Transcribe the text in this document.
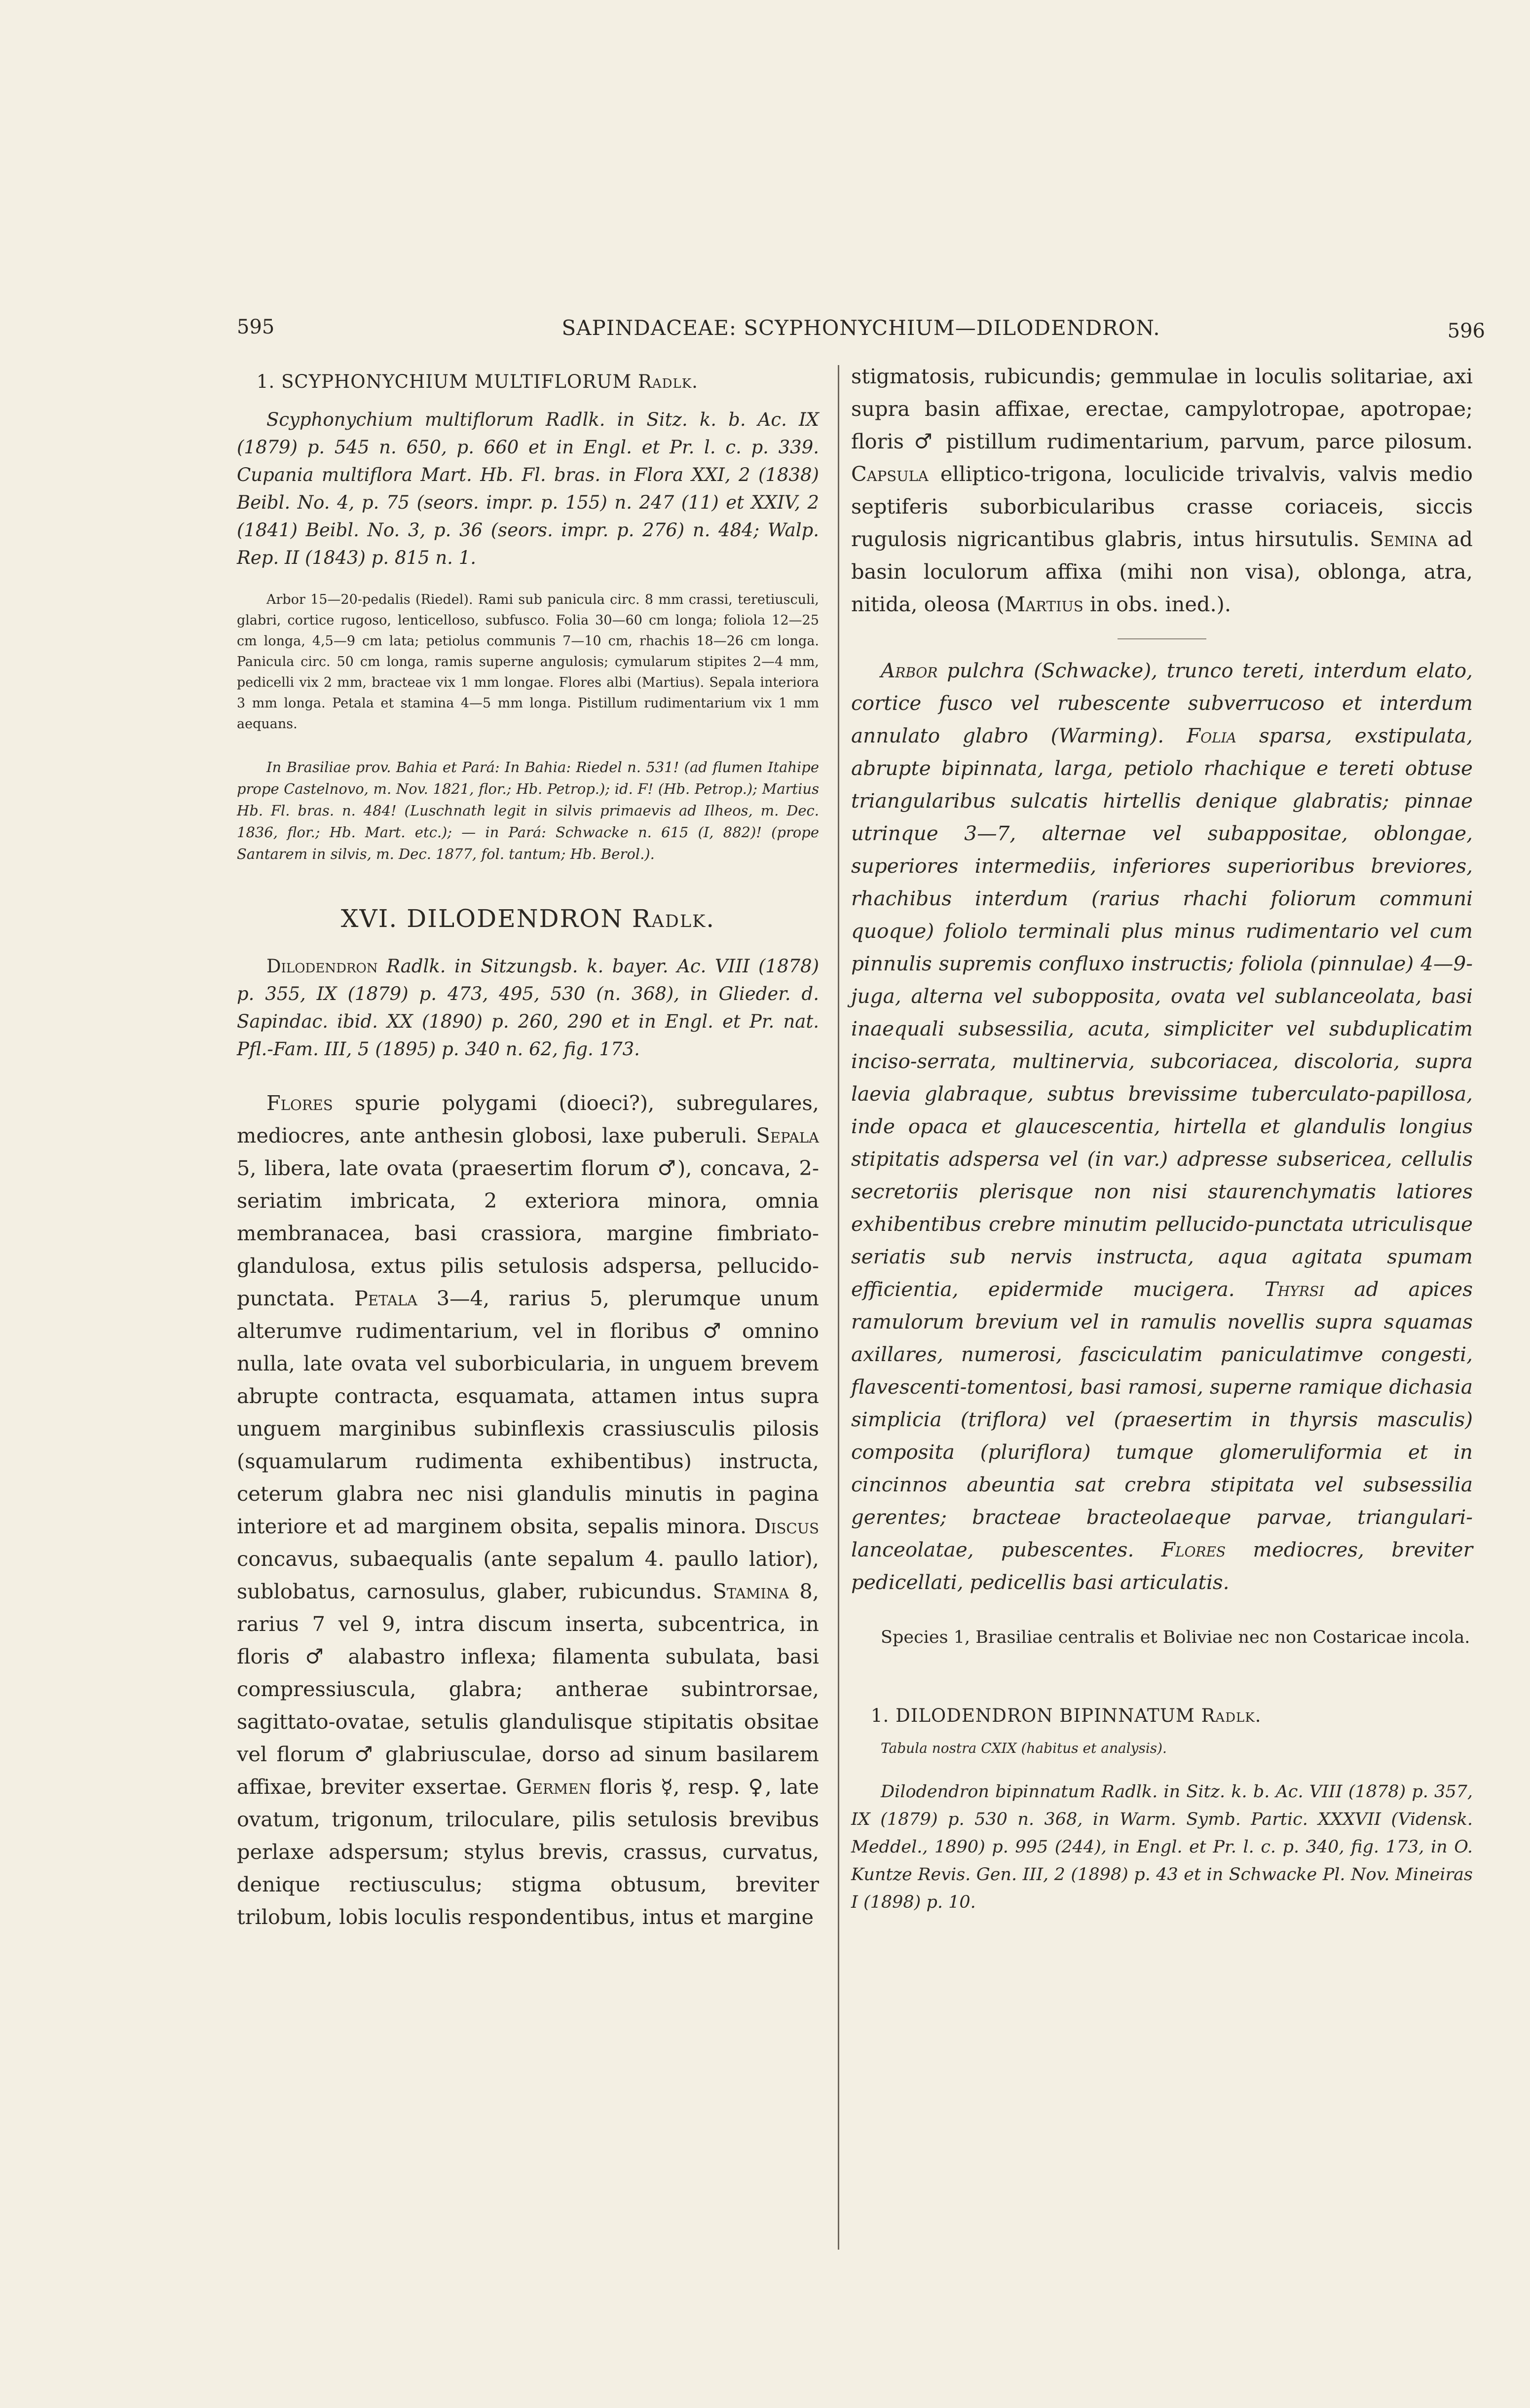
595	SAPINDACEAE: SCYPHONYCHIUM—DILODENDRON.	596
1. SCYPHONYCHIUM MULTIFLORUM Radlk.

Scyphonychium multiflorum Radlk. in Sitz. k. b. Ac. IX (1879) p. 545 n. 650, p. 660 et in Engl. et Pr. l. c. p. 339. Cupania multiflora Mart. Hb. Fl. bras. in Flora XXI, 2 (1838) Beibl. No. 4, p. 75 (seors. impr. p. 155) n. 247 (11) et XXIV, 2 (1841) Beibl. No. 3, p. 36 (seors. impr. p. 276) n. 484; Walp. Rep. II (1843) p. 815 n. 1.

Arbor 15—20-pedalis (Riedel). Rami sub panicula circ. 8 mm crassi, teretiusculi, glabri, cortice rugoso, lenticelloso, subfusco. Folia 30—60 cm longa; foliola 12—25 cm longa, 4,5—9 cm lata; petiolus communis 7—10 cm, rhachis 18—26 cm longa. Panicula circ. 50 cm longa, ramis superne angulosis; cymularum stipites 2—4 mm, pedicelli vix 2 mm, bracteae vix 1 mm longae. Flores albi (Martius). Sepala interiora 3 mm longa. Petala et stamina 4—5 mm longa. Pistillum rudimentarium vix 1 mm aequans.

In Brasiliae prov. Bahia et Pará: In Bahia: Riedel n. 531! (ad flumen Itahipe prope Castelnovo, m. Nov. 1821, flor.; Hb. Petrop.); id. F! (Hb. Petrop.); Martius Hb. Fl. bras. n. 484! (Luschnath legit in silvis primaevis ad Ilheos, m. Dec. 1836, flor.; Hb. Mart. etc.); — in Pará: Schwacke n. 615 (I, 882)! (prope Santarem in silvis, m. Dec. 1877, fol. tantum; Hb. Berol.).

XVI. DILODENDRON Radlk.

Dilodendron Radlk. in Sitzungsb. k. bayer. Ac. VIII (1878) p. 355, IX (1879) p. 473, 495, 530 (n. 368), in Glieder. d. Sapindac. ibid. XX (1890) p. 260, 290 et in Engl. et Pr. nat. Pfl.-Fam. III, 5 (1895) p. 340 n. 62, fig. 173.

Flores spurie polygami (dioeci?), subregulares, mediocres, ante anthesin globosi, laxe puberuli. Sepala 5, libera, late ovata (praesertim florum ♂), concava, 2-seriatim imbricata, 2 exteriora minora, omnia membranacea, basi crassiora, margine fimbriato-glandulosa, extus pilis setulosis adspersa, pellucido-punctata. Petala 3—4, rarius 5, plerumque unum alterumve rudimentarium, vel in floribus ♂ omnino nulla, late ovata vel suborbicularia, in unguem brevem abrupte contracta, esquamata, attamen intus supra unguem marginibus subinflexis crassiusculis pilosis (squamularum rudimenta exhibentibus) instructa, ceterum glabra nec nisi glandulis minutis in pagina interiore et ad marginem obsita, sepalis minora. Discus concavus, subaequalis (ante sepalum 4. paullo latior), sublobatus, carnosulus, glaber, rubicundus. Stamina 8, rarius 7 vel 9, intra discum inserta, subcentrica, in floris ♂ alabastro inflexa; filamenta subulata, basi compressiuscula, glabra; antherae subintrorsae, sagittato-ovatae, setulis glandulisque stipitatis obsitae vel florum ♂ glabriusculae, dorso ad sinum basilarem affixae, breviter exsertae. Germen floris ☿, resp. ♀, late ovatum, trigonum, triloculare, pilis setulosis brevibus perlaxe adspersum; stylus brevis, crassus, curvatus, denique rectiusculus; stigma obtusum, breviter trilobum, lobis loculis respondentibus, intus et margine

stigmatosis, rubicundis; gemmulae in loculis solitariae, axi supra basin affixae, erectae, campylotropae, apotropae; floris ♂ pistillum rudimentarium, parvum, parce pilosum. Capsula elliptico-trigona, loculicide trivalvis, valvis medio septiferis suborbicularibus crasse coriaceis, siccis rugulosis nigricantibus glabris, intus hirsutulis. Semina ad basin loculorum affixa (mihi non visa), oblonga, atra, nitida, oleosa (Martius in obs. ined.).

Arbor pulchra (Schwacke), trunco tereti, interdum elato, cortice fusco vel rubescente subverrucoso et interdum annulato glabro (Warming). Folia sparsa, exstipulata, abrupte bipinnata, larga, petiolo rhachique e tereti obtuse triangularibus sulcatis hirtellis denique glabratis; pinnae utrinque 3—7, alternae vel subappositae, oblongae, superiores intermediis, inferiores superioribus breviores, rhachibus interdum (rarius rhachi foliorum communi quoque) foliolo terminali plus minus rudimentario vel cum pinnulis supremis confluxo instructis; foliola (pinnulae) 4—9-juga, alterna vel subopposita, ovata vel sublanceolata, basi inaequali subsessilia, acuta, simpliciter vel subduplicatim inciso-serrata, multinervia, subcoriacea, discoloria, supra laevia glabraque, subtus brevissime tuberculato-papillosa, inde opaca et glaucescentia, hirtella et glandulis longius stipitatis adspersa vel (in var.) adpresse subsericea, cellulis secretoriis plerisque non nisi staurenchymatis latiores exhibentibus crebre minutim pellucido-punctata utriculisque seriatis sub nervis instructa, aqua agitata spumam efficientia, epidermide mucigera. Thyrsi ad apices ramulorum brevium vel in ramulis novellis supra squamas axillares, numerosi, fasciculatim paniculatimve congesti, flavescenti-tomentosi, basi ramosi, superne ramique dichasia simplicia (triflora) vel (praesertim in thyrsis masculis) composita (pluriflora) tumque glomeruliformia et in cincinnos abeuntia sat crebra stipitata vel subsessilia gerentes; bracteae bracteolaeque parvae, triangulari-lanceolatae, pubescentes. Flores mediocres, breviter pedicellati, pedicellis basi articulatis.

Species 1, Brasiliae centralis et Boliviae nec non Costaricae incola.

1. DILODENDRON BIPINNATUM Radlk.

Tabula nostra CXIX (habitus et analysis).

Dilodendron bipinnatum Radlk. in Sitz. k. b. Ac. VIII (1878) p. 357, IX (1879) p. 530 n. 368, in Warm. Symb. Partic. XXXVII (Vidensk. Meddel., 1890) p. 995 (244), in Engl. et Pr. l. c. p. 340, fig. 173, in O. Kuntze Revis. Gen. III, 2 (1898) p. 43 et in Schwacke Pl. Nov. Mineiras I (1898) p. 10.
